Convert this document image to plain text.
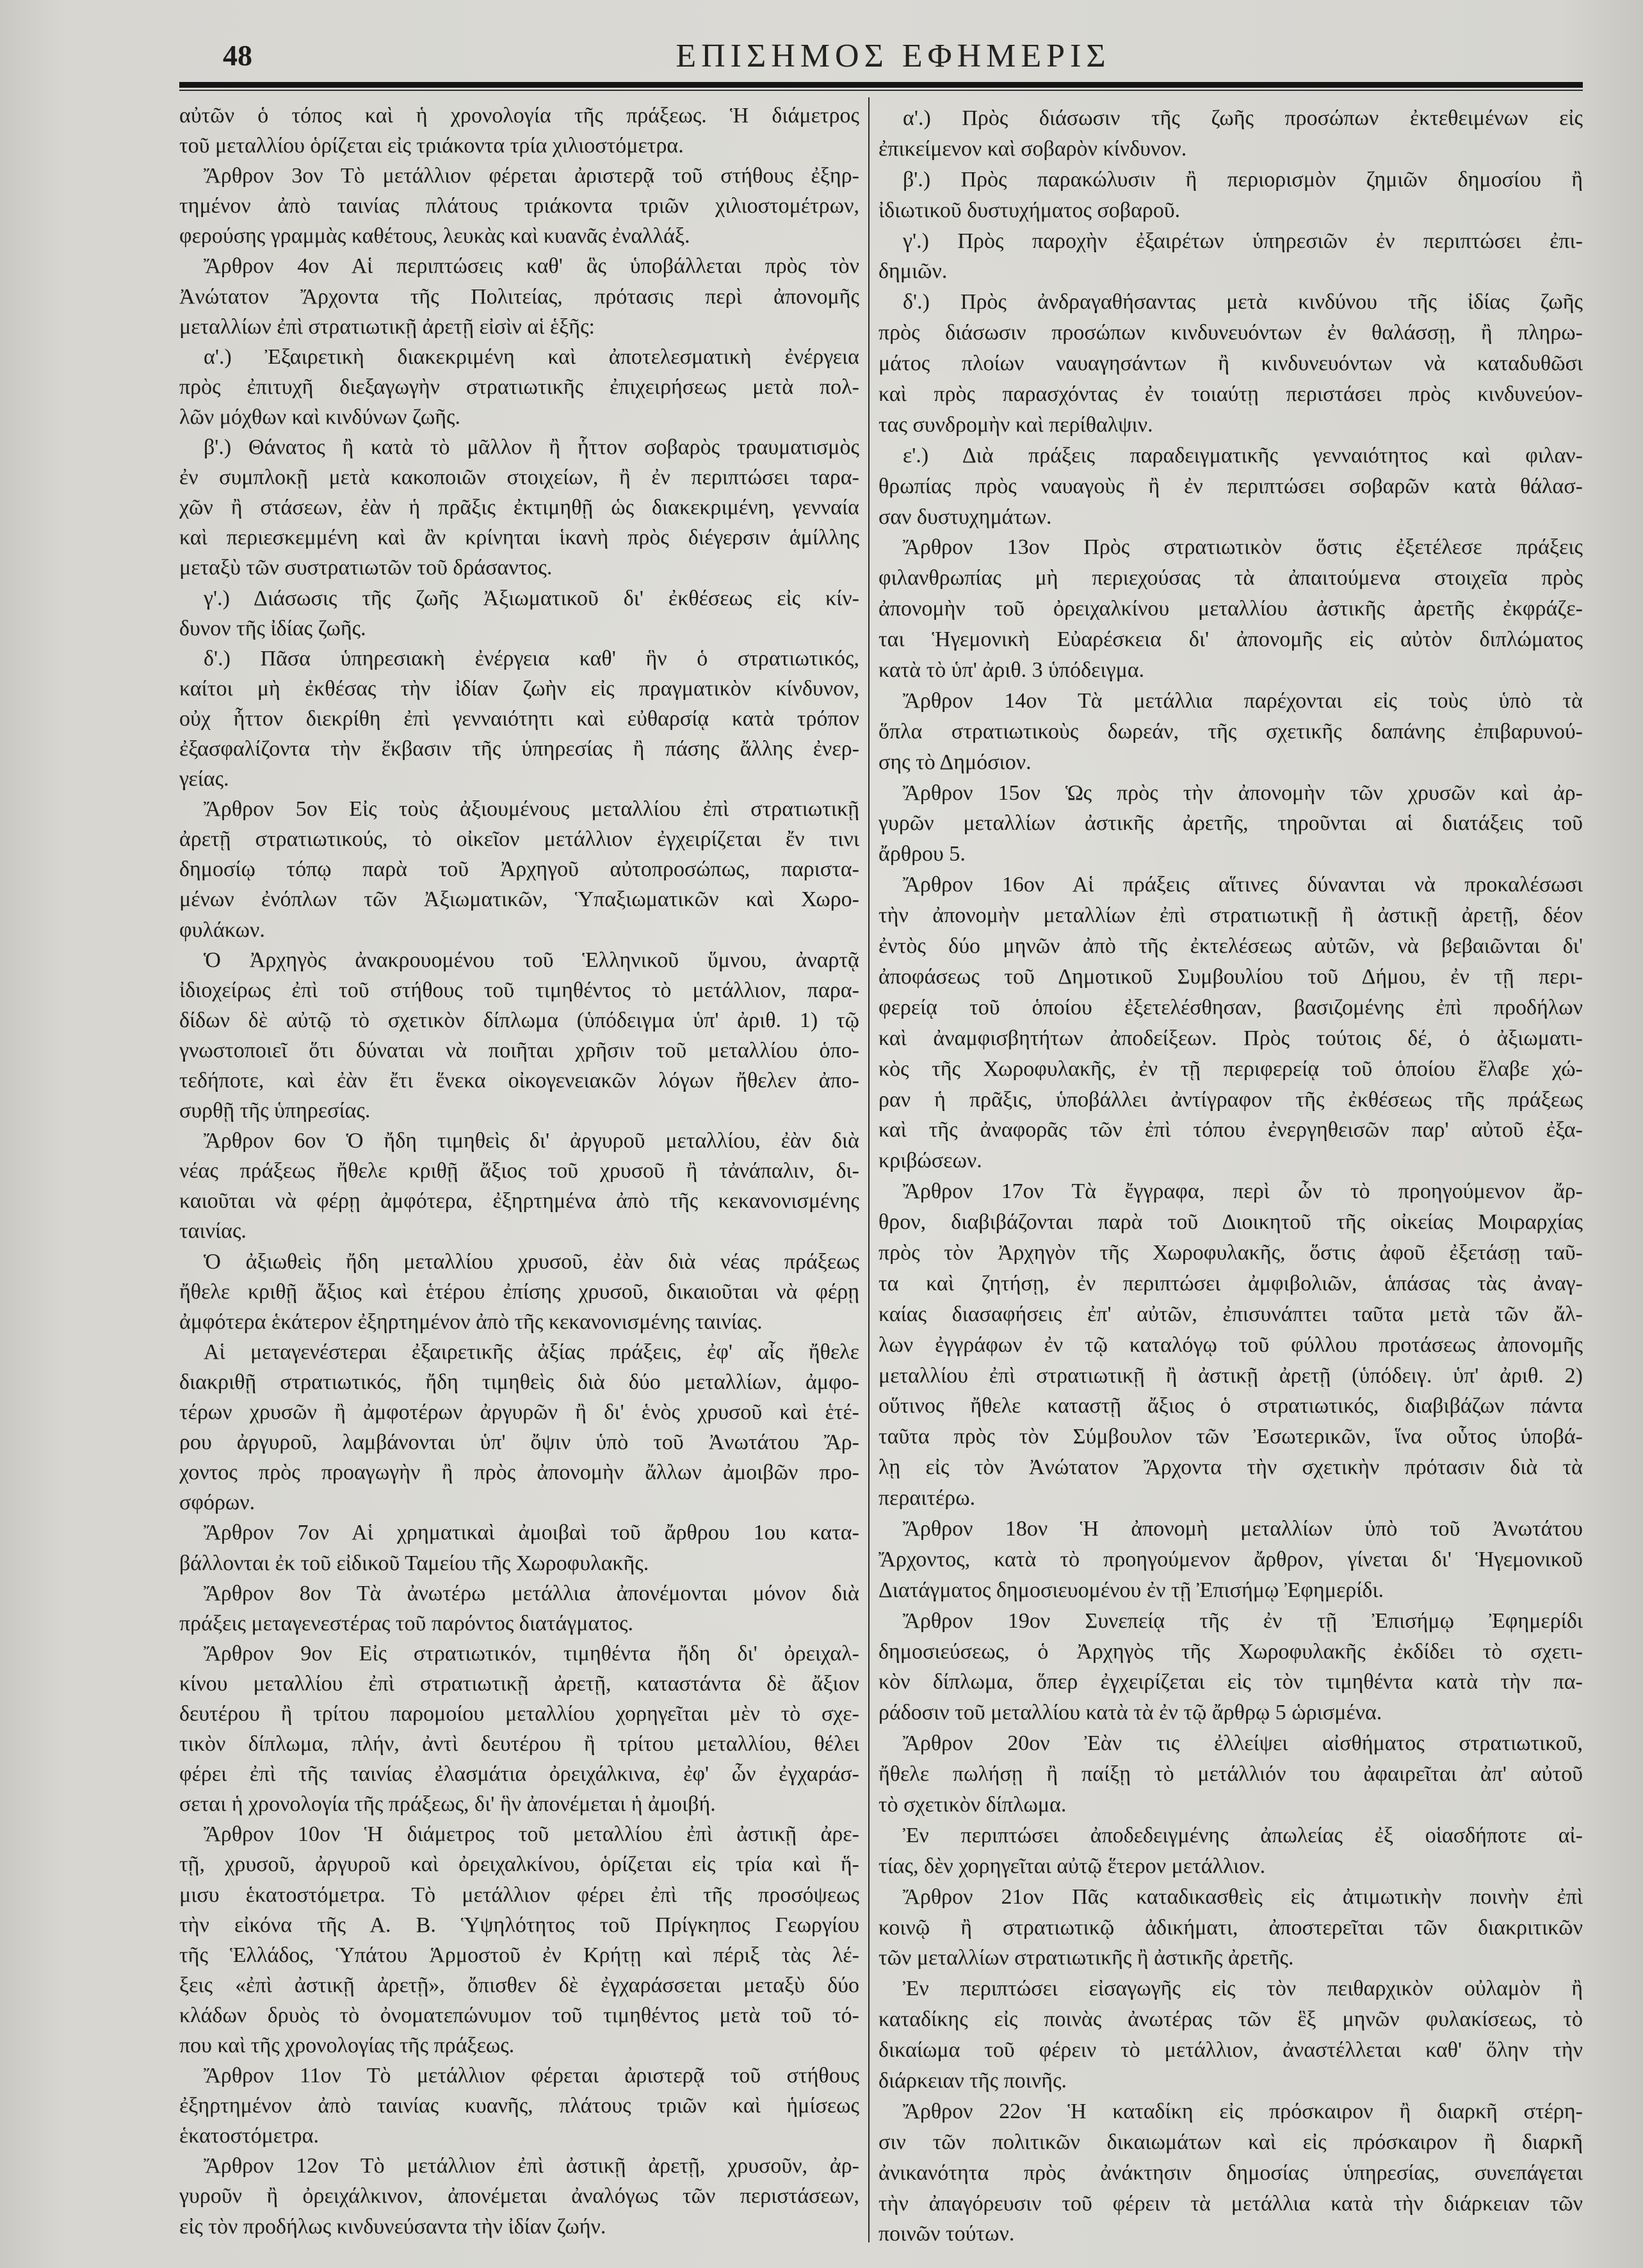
48	ΕΠΙΣΗΜΟΣ ΕΦΗΜΕΡΙΣ
αὐτῶν ὁ τόπος καὶ ἡ χρονολογία τῆς πράξεως. Ἡ διάμετρος
τοῦ μεταλλίου ὁρίζεται εἰς τριάκοντα τρία χιλιοστόμετρα.
Ἄρθρον 3ον Τὸ μετάλλιον φέρεται ἀριστερᾷ τοῦ στήθους ἐξηρ-
τημένον ἀπὸ ταινίας πλάτους τριάκοντα τριῶν χιλιοστομέτρων,
φερούσης γραμμὰς καθέτους, λευκὰς καὶ κυανᾶς ἐναλλάξ.
Ἄρθρον 4ον Αἱ περιπτώσεις καθ' ἃς ὑποβάλλεται πρὸς τὸν
Ἀνώτατον Ἄρχοντα τῆς Πολιτείας, πρότασις περὶ ἀπονομῆς
μεταλλίων ἐπὶ στρατιωτικῇ ἀρετῇ εἰσὶν αἱ ἑξῆς:
α'.) Ἐξαιρετικὴ διακεκριμένη καὶ ἀποτελεσματικὴ ἐνέργεια
πρὸς ἐπιτυχῆ διεξαγωγὴν στρατιωτικῆς ἐπιχειρήσεως μετὰ πολ-
λῶν μόχθων καὶ κινδύνων ζωῆς.
β'.) Θάνατος ἢ κατὰ τὸ μᾶλλον ἢ ἧττον σοβαρὸς τραυματισμὸς
ἐν συμπλοκῇ μετὰ κακοποιῶν στοιχείων, ἢ ἐν περιπτώσει ταρα-
χῶν ἢ στάσεων, ἐὰν ἡ πρᾶξις ἐκτιμηθῇ ὡς διακεκριμένη, γενναία
καὶ περιεσκεμμένη καὶ ἂν κρίνηται ἱκανὴ πρὸς διέγερσιν ἁμίλλης
μεταξὺ τῶν συστρατιωτῶν τοῦ δράσαντος.
γ'.) Διάσωσις τῆς ζωῆς Ἀξιωματικοῦ δι' ἐκθέσεως εἰς κίν-
δυνον τῆς ἰδίας ζωῆς.
δ'.) Πᾶσα ὑπηρεσιακὴ ἐνέργεια καθ' ἣν ὁ στρατιωτικός,
καίτοι μὴ ἐκθέσας τὴν ἰδίαν ζωὴν εἰς πραγματικὸν κίνδυνον,
οὐχ ἧττον διεκρίθη ἐπὶ γενναιότητι καὶ εὐθαρσίᾳ κατὰ τρόπον
ἐξασφαλίζοντα τὴν ἔκβασιν τῆς ὑπηρεσίας ἢ πάσης ἄλλης ἐνερ-
γείας.
Ἄρθρον 5ον Εἰς τοὺς ἀξιουμένους μεταλλίου ἐπὶ στρατιωτικῇ
ἀρετῇ στρατιωτικούς, τὸ οἰκεῖον μετάλλιον ἐγχειρίζεται ἔν τινι
δημοσίῳ τόπῳ παρὰ τοῦ Ἀρχηγοῦ αὐτοπροσώπως, παριστα-
μένων ἐνόπλων τῶν Ἀξιωματικῶν, Ὑπαξιωματικῶν καὶ Χωρο-
φυλάκων.
Ὁ Ἀρχηγὸς ἀνακρουομένου τοῦ Ἑλληνικοῦ ὕμνου, ἀναρτᾷ
ἰδιοχείρως ἐπὶ τοῦ στήθους τοῦ τιμηθέντος τὸ μετάλλιον, παρα-
δίδων δὲ αὐτῷ τὸ σχετικὸν δίπλωμα (ὑπόδειγμα ὑπ' ἀριθ. 1) τῷ
γνωστοποιεῖ ὅτι δύναται νὰ ποιῆται χρῆσιν τοῦ μεταλλίου ὁπο-
τεδήποτε, καὶ ἐὰν ἔτι ἕνεκα οἰκογενειακῶν λόγων ἤθελεν ἀπο-
συρθῇ τῆς ὑπηρεσίας.
Ἄρθρον 6ον Ὁ ἤδη τιμηθεὶς δι' ἀργυροῦ μεταλλίου, ἐὰν διὰ
νέας πράξεως ἤθελε κριθῇ ἄξιος τοῦ χρυσοῦ ἢ τἀνάπαλιν, δι-
καιοῦται νὰ φέρῃ ἀμφότερα, ἐξηρτημένα ἀπὸ τῆς κεκανονισμένης
ταινίας.
Ὁ ἀξιωθεὶς ἤδη μεταλλίου χρυσοῦ, ἐὰν διὰ νέας πράξεως
ἤθελε κριθῇ ἄξιος καὶ ἑτέρου ἐπίσης χρυσοῦ, δικαιοῦται νὰ φέρῃ
ἀμφότερα ἑκάτερον ἐξηρτημένον ἀπὸ τῆς κεκανονισμένης ταινίας.
Αἱ μεταγενέστεραι ἐξαιρετικῆς ἀξίας πράξεις, ἐφ' αἷς ἤθελε
διακριθῇ στρατιωτικός, ἤδη τιμηθεὶς διὰ δύο μεταλλίων, ἀμφο-
τέρων χρυσῶν ἢ ἀμφοτέρων ἀργυρῶν ἢ δι' ἑνὸς χρυσοῦ καὶ ἑτέ-
ρου ἀργυροῦ, λαμβάνονται ὑπ' ὄψιν ὑπὸ τοῦ Ἀνωτάτου Ἄρ-
χοντος πρὸς προαγωγὴν ἢ πρὸς ἀπονομὴν ἄλλων ἀμοιβῶν προ-
σφόρων.
Ἄρθρον 7ον Αἱ χρηματικαὶ ἀμοιβαὶ τοῦ ἄρθρου 1ου κατα-
βάλλονται ἐκ τοῦ εἰδικοῦ Ταμείου τῆς Χωροφυλακῆς.
Ἄρθρον 8ον Τὰ ἀνωτέρω μετάλλια ἀπονέμονται μόνον διὰ
πράξεις μεταγενεστέρας τοῦ παρόντος διατάγματος.
Ἄρθρον 9ον Εἰς στρατιωτικόν, τιμηθέντα ἤδη δι' ὀρειχαλ-
κίνου μεταλλίου ἐπὶ στρατιωτικῇ ἀρετῇ, καταστάντα δὲ ἄξιον
δευτέρου ἢ τρίτου παρομοίου μεταλλίου χορηγεῖται μὲν τὸ σχε-
τικὸν δίπλωμα, πλήν, ἀντὶ δευτέρου ἢ τρίτου μεταλλίου, θέλει
φέρει ἐπὶ τῆς ταινίας ἐλασμάτια ὀρειχάλκινα, ἐφ' ὧν ἐγχαράσ-
σεται ἡ χρονολογία τῆς πράξεως, δι' ἣν ἀπονέμεται ἡ ἀμοιβή.
Ἄρθρον 10ον Ἡ διάμετρος τοῦ μεταλλίου ἐπὶ ἀστικῇ ἀρε-
τῇ, χρυσοῦ, ἀργυροῦ καὶ ὀρειχαλκίνου, ὁρίζεται εἰς τρία καὶ ἥ-
μισυ ἑκατοστόμετρα. Τὸ μετάλλιον φέρει ἐπὶ τῆς προσόψεως
τὴν εἰκόνα τῆς Α. Β. Ὑψηλότητος τοῦ Πρίγκηπος Γεωργίου
τῆς Ἑλλάδος, Ὑπάτου Ἁρμοστοῦ ἐν Κρήτῃ καὶ πέριξ τὰς λέ-
ξεις «ἐπὶ ἀστικῇ ἀρετῇ», ὄπισθεν δὲ ἐγχαράσσεται μεταξὺ δύο
κλάδων δρυὸς τὸ ὀνοματεπώνυμον τοῦ τιμηθέντος μετὰ τοῦ τό-
που καὶ τῆς χρονολογίας τῆς πράξεως.
Ἄρθρον 11ον Τὸ μετάλλιον φέρεται ἀριστερᾷ τοῦ στήθους
ἐξηρτημένον ἀπὸ ταινίας κυανῆς, πλάτους τριῶν καὶ ἡμίσεως
ἑκατοστόμετρα.
Ἄρθρον 12ον Τὸ μετάλλιον ἐπὶ ἀστικῇ ἀρετῇ, χρυσοῦν, ἀρ-
γυροῦν ἢ ὀρειχάλκινον, ἀπονέμεται ἀναλόγως τῶν περιστάσεων,
εἰς τὸν προδήλως κινδυνεύσαντα τὴν ἰδίαν ζωήν.
α'.) Πρὸς διάσωσιν τῆς ζωῆς προσώπων ἐκτεθειμένων εἰς
ἐπικείμενον καὶ σοβαρὸν κίνδυνον.
β'.) Πρὸς παρακώλυσιν ἢ περιορισμὸν ζημιῶν δημοσίου ἢ
ἰδιωτικοῦ δυστυχήματος σοβαροῦ.
γ'.) Πρὸς παροχὴν ἐξαιρέτων ὑπηρεσιῶν ἐν περιπτώσει ἐπι-
δημιῶν.
δ'.) Πρὸς ἀνδραγαθήσαντας μετὰ κινδύνου τῆς ἰδίας ζωῆς
πρὸς διάσωσιν προσώπων κινδυνευόντων ἐν θαλάσσῃ, ἢ πληρω-
μάτος πλοίων ναυαγησάντων ἢ κινδυνευόντων νὰ καταδυθῶσι
καὶ πρὸς παρασχόντας ἐν τοιαύτῃ περιστάσει πρὸς κινδυνεύον-
τας συνδρομὴν καὶ περίθαλψιν.
ε'.) Διὰ πράξεις παραδειγματικῆς γενναιότητος καὶ φιλαν-
θρωπίας πρὸς ναυαγοὺς ἢ ἐν περιπτώσει σοβαρῶν κατὰ θάλασ-
σαν δυστυχημάτων.
Ἄρθρον 13ον Πρὸς στρατιωτικὸν ὅστις ἐξετέλεσε πράξεις
φιλανθρωπίας μὴ περιεχούσας τὰ ἀπαιτούμενα στοιχεῖα πρὸς
ἀπονομὴν τοῦ ὀρειχαλκίνου μεταλλίου ἀστικῆς ἀρετῆς ἐκφράζε-
ται Ἡγεμονικὴ Εὐαρέσκεια δι' ἀπονομῆς εἰς αὐτὸν διπλώματος
κατὰ τὸ ὑπ' ἀριθ. 3 ὑπόδειγμα.
Ἄρθρον 14ον Τὰ μετάλλια παρέχονται εἰς τοὺς ὑπὸ τὰ
ὅπλα στρατιωτικοὺς δωρεάν, τῆς σχετικῆς δαπάνης ἐπιβαρυνού-
σης τὸ Δημόσιον.
Ἄρθρον 15ον Ὡς πρὸς τὴν ἀπονομὴν τῶν χρυσῶν καὶ ἀρ-
γυρῶν μεταλλίων ἀστικῆς ἀρετῆς, τηροῦνται αἱ διατάξεις τοῦ
ἄρθρου 5.
Ἄρθρον 16ον Αἱ πράξεις αἵτινες δύνανται νὰ προκαλέσωσι
τὴν ἀπονομὴν μεταλλίων ἐπὶ στρατιωτικῇ ἢ ἀστικῇ ἀρετῇ, δέον
ἐντὸς δύο μηνῶν ἀπὸ τῆς ἐκτελέσεως αὐτῶν, νὰ βεβαιῶνται δι'
ἀποφάσεως τοῦ Δημοτικοῦ Συμβουλίου τοῦ Δήμου, ἐν τῇ περι-
φερείᾳ τοῦ ὁποίου ἐξετελέσθησαν, βασιζομένης ἐπὶ προδήλων
καὶ ἀναμφισβητήτων ἀποδείξεων. Πρὸς τούτοις δέ, ὁ ἀξιωματι-
κὸς τῆς Χωροφυλακῆς, ἐν τῇ περιφερείᾳ τοῦ ὁποίου ἔλαβε χώ-
ραν ἡ πρᾶξις, ὑποβάλλει ἀντίγραφον τῆς ἐκθέσεως τῆς πράξεως
καὶ τῆς ἀναφορᾶς τῶν ἐπὶ τόπου ἐνεργηθεισῶν παρ' αὐτοῦ ἐξα-
κριβώσεων.
Ἄρθρον 17ον Τὰ ἔγγραφα, περὶ ὧν τὸ προηγούμενον ἄρ-
θρον, διαβιβάζονται παρὰ τοῦ Διοικητοῦ τῆς οἰκείας Μοιραρχίας
πρὸς τὸν Ἀρχηγὸν τῆς Χωροφυλακῆς, ὅστις ἀφοῦ ἐξετάσῃ ταῦ-
τα καὶ ζητήσῃ, ἐν περιπτώσει ἀμφιβολιῶν, ἁπάσας τὰς ἀναγ-
καίας διασαφήσεις ἐπ' αὐτῶν, ἐπισυνάπτει ταῦτα μετὰ τῶν ἄλ-
λων ἐγγράφων ἐν τῷ καταλόγῳ τοῦ φύλλου προτάσεως ἀπονομῆς
μεταλλίου ἐπὶ στρατιωτικῇ ἢ ἀστικῇ ἀρετῇ (ὑπόδειγ. ὑπ' ἀριθ. 2)
οὕτινος ἤθελε καταστῇ ἄξιος ὁ στρατιωτικός, διαβιβάζων πάντα
ταῦτα πρὸς τὸν Σύμβουλον τῶν Ἐσωτερικῶν, ἵνα οὗτος ὑποβά-
λῃ εἰς τὸν Ἀνώτατον Ἄρχοντα τὴν σχετικὴν πρότασιν διὰ τὰ
περαιτέρω.
Ἄρθρον 18ον Ἡ ἀπονομὴ μεταλλίων ὑπὸ τοῦ Ἀνωτάτου
Ἄρχοντος, κατὰ τὸ προηγούμενον ἄρθρον, γίνεται δι' Ἡγεμονικοῦ
Διατάγματος δημοσιευομένου ἐν τῇ Ἐπισήμῳ Ἐφημερίδι.
Ἄρθρον 19ον Συνεπείᾳ τῆς ἐν τῇ Ἐπισήμῳ Ἐφημερίδι
δημοσιεύσεως, ὁ Ἀρχηγὸς τῆς Χωροφυλακῆς ἐκδίδει τὸ σχετι-
κὸν δίπλωμα, ὅπερ ἐγχειρίζεται εἰς τὸν τιμηθέντα κατὰ τὴν πα-
ράδοσιν τοῦ μεταλλίου κατὰ τὰ ἐν τῷ ἄρθρῳ 5 ὡρισμένα.
Ἄρθρον 20ον Ἐὰν τις ἐλλείψει αἰσθήματος στρατιωτικοῦ,
ἤθελε πωλήσῃ ἢ παίξῃ τὸ μετάλλιόν του ἀφαιρεῖται ἀπ' αὐτοῦ
τὸ σχετικὸν δίπλωμα.
Ἐν περιπτώσει ἀποδεδειγμένης ἀπωλείας ἐξ οἱασδήποτε αἰ-
τίας, δὲν χορηγεῖται αὐτῷ ἕτερον μετάλλιον.
Ἄρθρον 21ον Πᾶς καταδικασθεὶς εἰς ἀτιμωτικὴν ποινὴν ἐπὶ
κοινῷ ἢ στρατιωτικῷ ἀδικήματι, ἀποστερεῖται τῶν διακριτικῶν
τῶν μεταλλίων στρατιωτικῆς ἢ ἀστικῆς ἀρετῆς.
Ἐν περιπτώσει εἰσαγωγῆς εἰς τὸν πειθαρχικὸν οὐλαμὸν ἢ
καταδίκης εἰς ποινὰς ἀνωτέρας τῶν ἓξ μηνῶν φυλακίσεως, τὸ
δικαίωμα τοῦ φέρειν τὸ μετάλλιον, ἀναστέλλεται καθ' ὅλην τὴν
διάρκειαν τῆς ποινῆς.
Ἄρθρον 22ον Ἡ καταδίκη εἰς πρόσκαιρον ἢ διαρκῆ στέρη-
σιν τῶν πολιτικῶν δικαιωμάτων καὶ εἰς πρόσκαιρον ἢ διαρκῆ
ἀνικανότητα πρὸς ἀνάκτησιν δημοσίας ὑπηρεσίας, συνεπάγεται
τὴν ἀπαγόρευσιν τοῦ φέρειν τὰ μετάλλια κατὰ τὴν διάρκειαν τῶν
ποινῶν τούτων.
